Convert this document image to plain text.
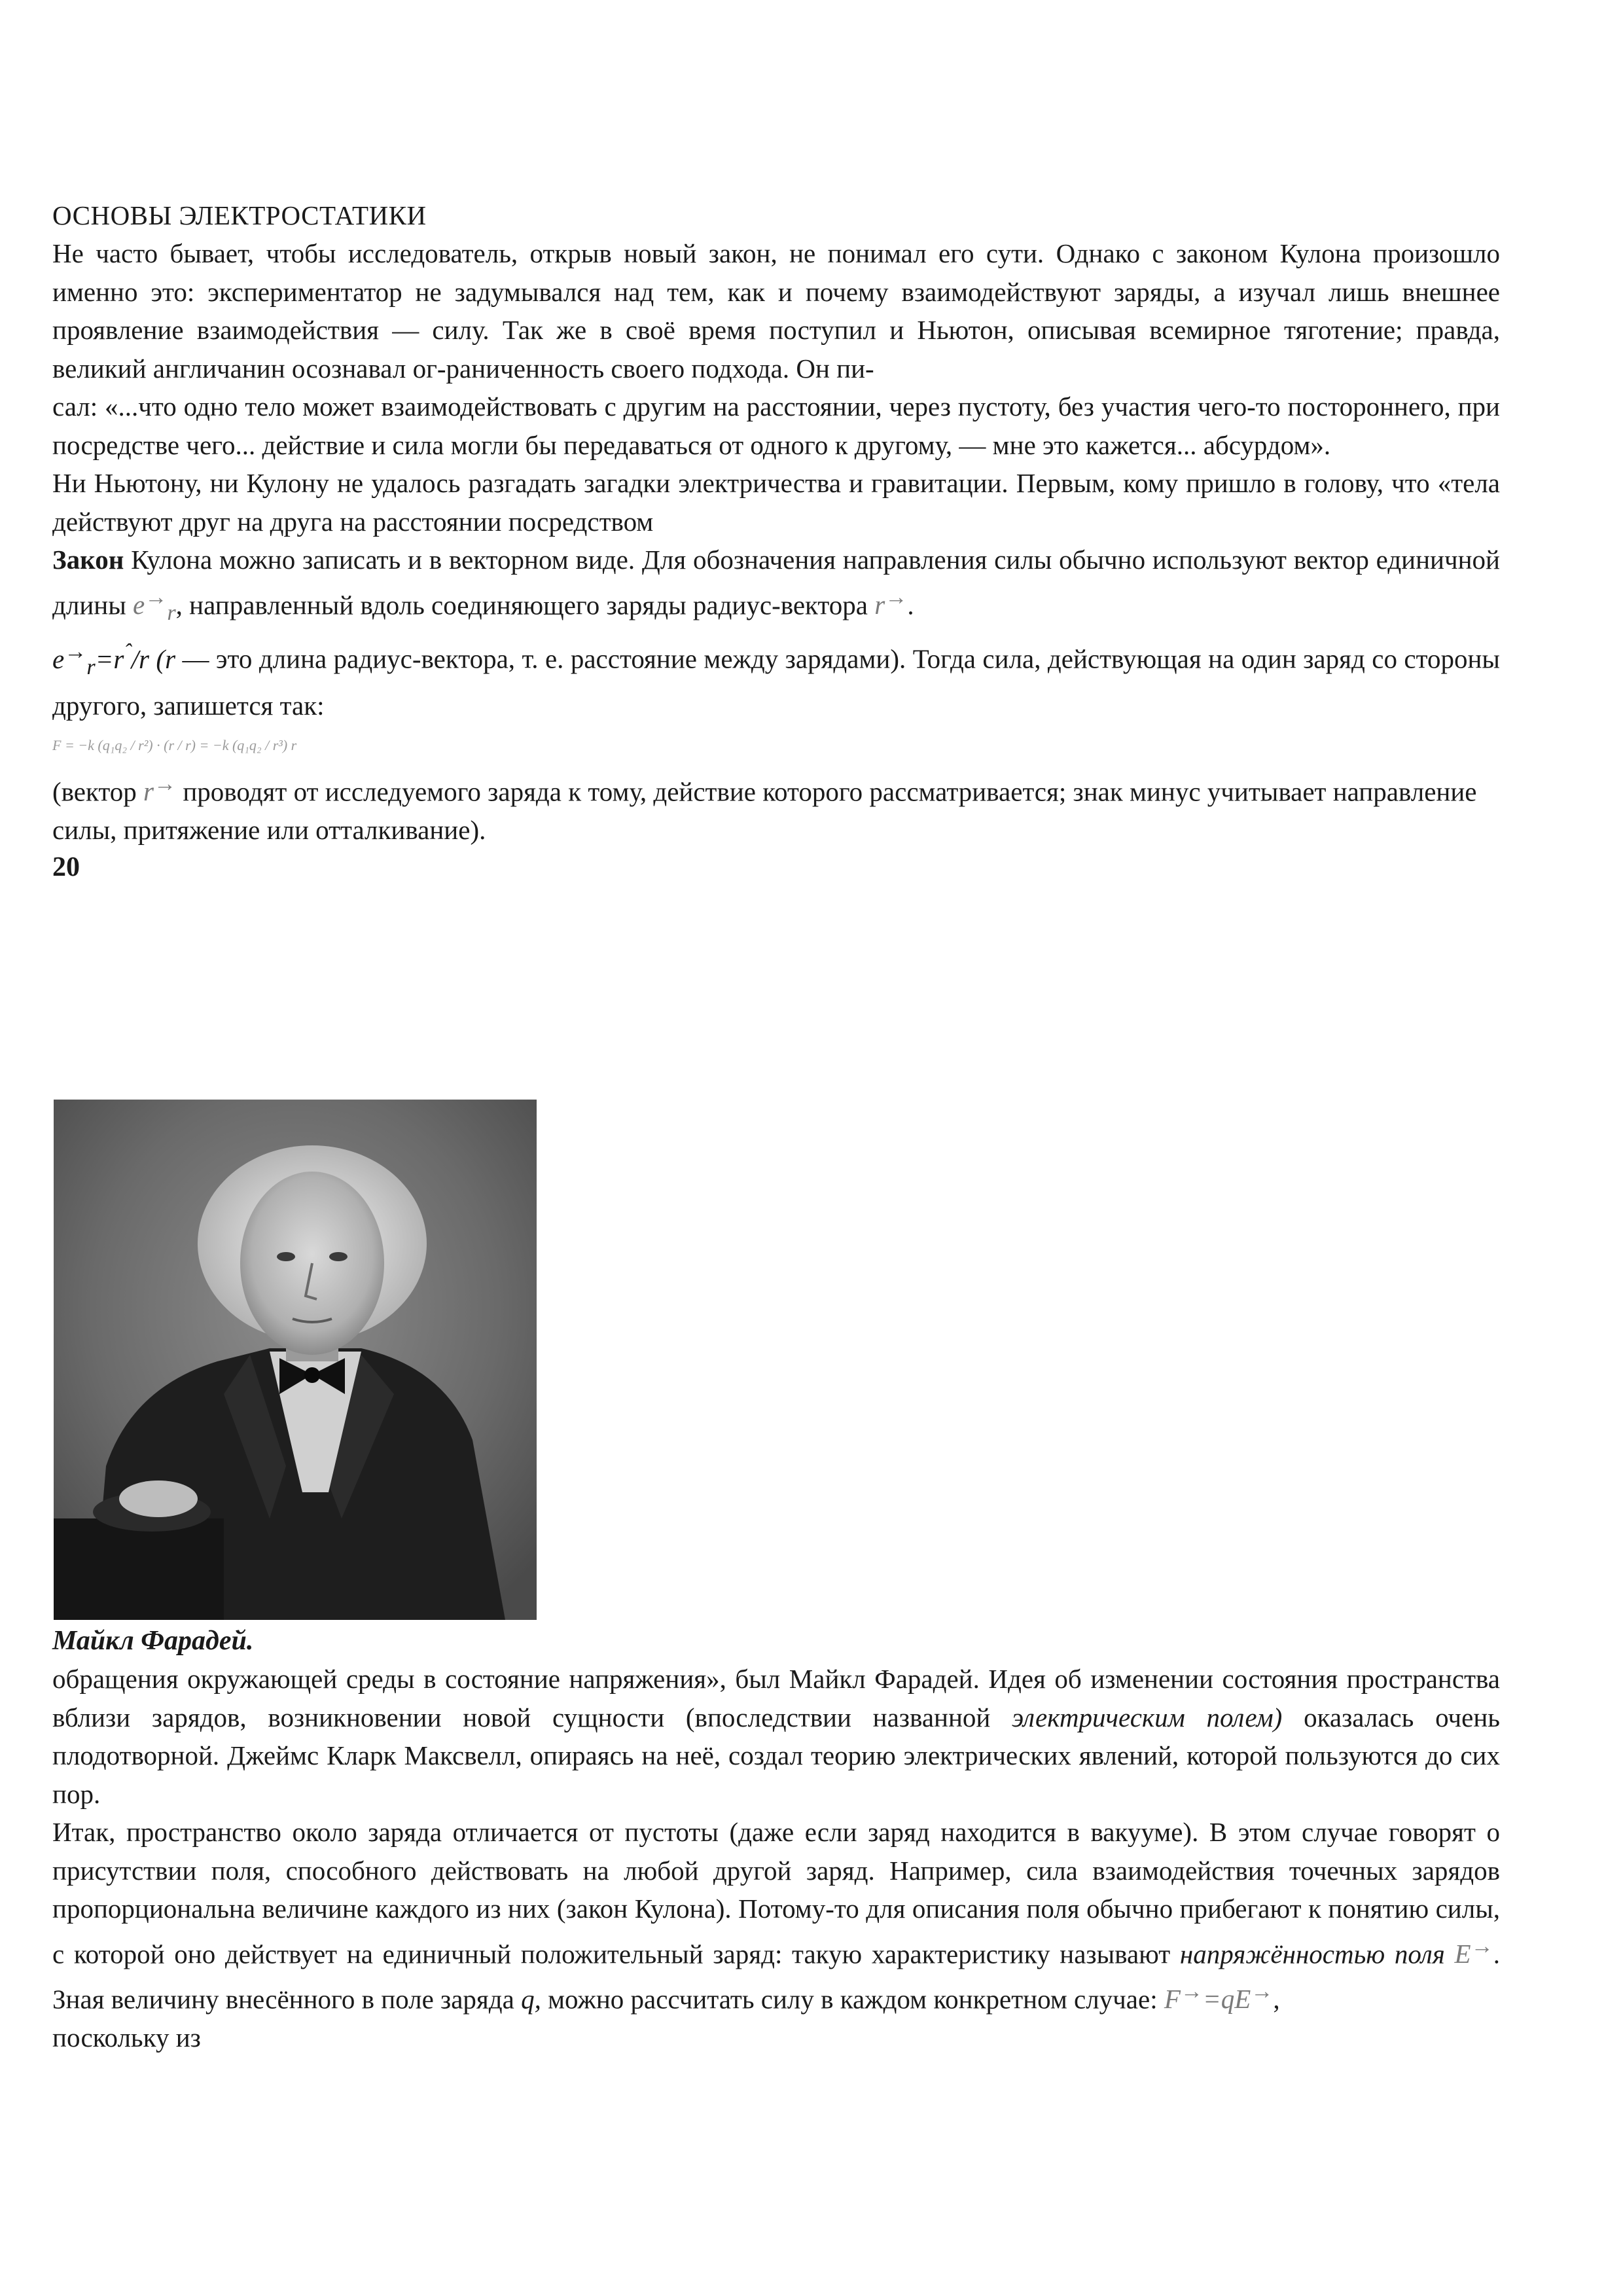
ОСНОВЫ ЭЛЕКТРОСТАТИКИ

Не часто бывает, чтобы исследователь, открыв новый закон, не понимал его сути. Однако с законом Кулона произошло именно это: экспериментатор не задумывался над тем, как и почему взаимодействуют заряды, а изучал лишь внешнее проявление взаимодействия — силу. Так же в своё время поступил и Ньютон, описывая всемирное тяготение; правда, великий англичанин осознавал ог-раниченность своего подхода. Он пи-

сал: «...что одно тело может взаимодействовать с другим на расстоянии, через пустоту, без участия чего-то постороннего, при посредстве чего... действие и сила могли бы передаваться от одного к другому, — мне это кажется... абсурдом».

Ни Ньютону, ни Кулону не удалось разгадать загадки электричества и гравитации. Первым, кому пришло в голову, что «тела действуют друг на друга на расстоянии посредством

Закон Кулона можно записать и в векторном виде. Для обозначения направления силы обычно используют вектор единичной длины $e^\to_r$, направленный вдоль соединяющего заряды радиус-вектора r→.

$e^\to_r=r^ˆ/r$ (r — это длина радиус-вектора, т. е. расстояние между зарядами). Тогда сила, действующая на один заряд со стороны другого, запишется так:

F = −k (q₁q₂ / r²) · (r / r) = −k (q₁q₂ / r³) r

(вектор r→ проводят от исследуемого заряда к тому, действие которого рассматривается; знак минус учитывает направление силы, притяжение или отталкивание).

20

Майкл Фарадей.

обращения окружающей среды в состояние напряжения», был Майкл Фарадей. Идея об изменении состояния пространства вблизи зарядов, возникновении новой сущности (впоследствии названной электрическим полем) оказалась очень плодотворной. Джеймс Кларк Максвелл, опираясь на неё, создал теорию электрических явлений, которой пользуются до сих пор.

Итак, пространство около заряда отличается от пустоты (даже если заряд находится в вакууме). В этом случае говорят о присутствии поля, способного действовать на любой другой заряд. Например, сила взаимодействия точечных зарядов пропорциональна величине каждого из них (закон Кулона). Потому-то для описания поля обычно прибегают к понятию силы, с которой оно действует на единичный положительный заряд: такую характеристику называют напряжённостью поля E→. Зная величину внесённого в поле заряда q, можно рассчитать силу в каждом конкретном случае: F→=qE→,

поскольку из
